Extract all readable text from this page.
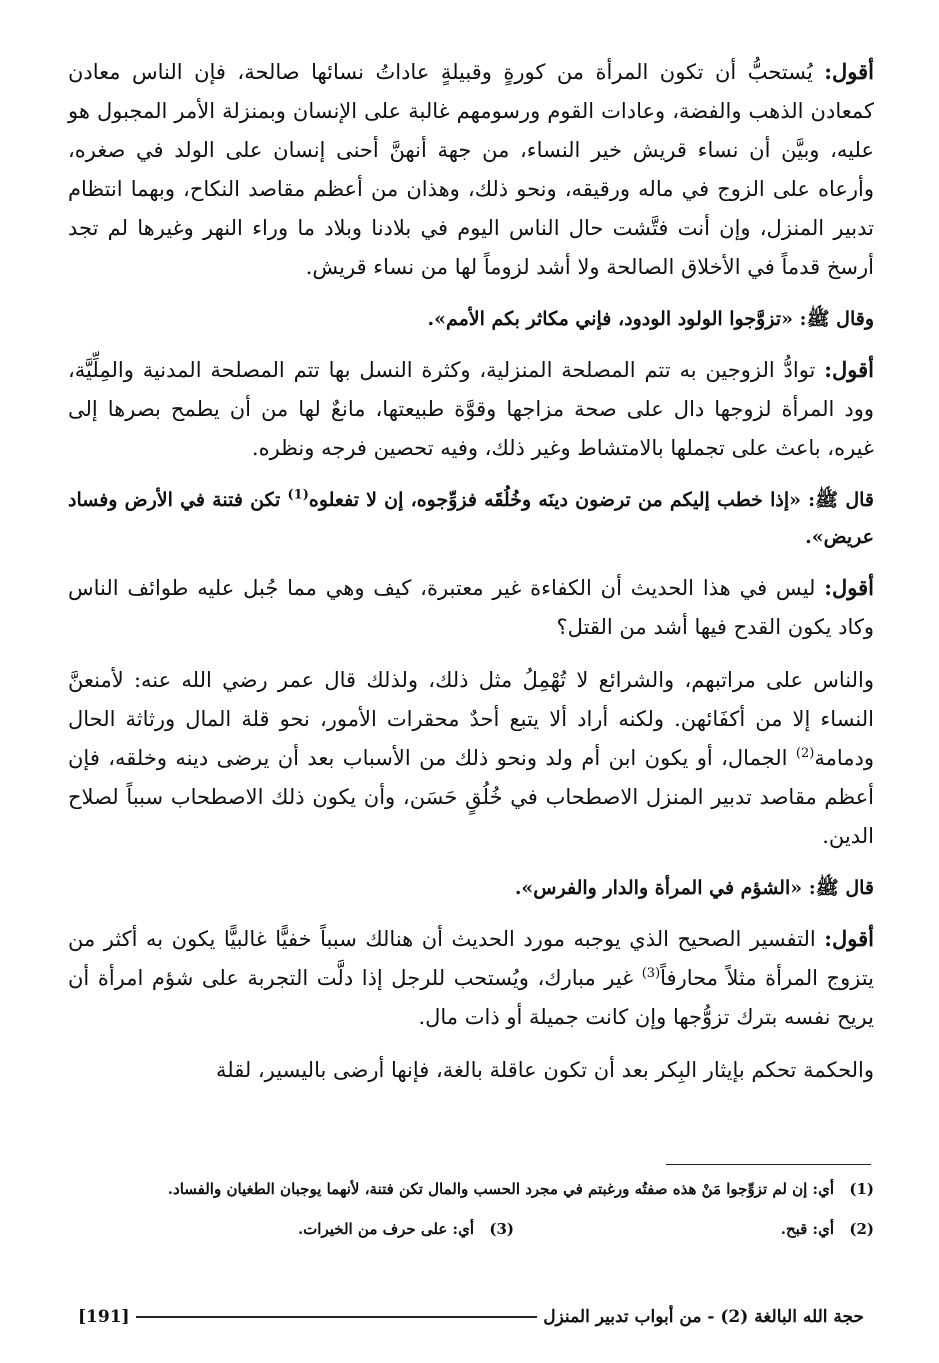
أقول: يُستحبُّ أن تكون المرأة من كورةٍ وقبيلةٍ عاداتُ نسائها صالحة، فإن الناس معادن كمعادن الذهب والفضة، وعادات القوم ورسومهم غالبة على الإنسان وبمنزلة الأمر المجبول هو عليه، وبيَّن أن نساء قريش خير النساء، من جهة أنهنَّ أحنى إنسان على الولد في صغره، وأرعاه على الزوج في ماله ورقيقه، ونحو ذلك، وهذان من أعظم مقاصد النكاح، وبهما انتظام تدبير المنزل، وإن أنت فتَّشت حال الناس اليوم في بلادنا وبلاد ما وراء النهر وغيرها لم تجد أرسخ قدماً في الأخلاق الصالحة ولا أشد لزوماً لها من نساء قريش.

وقال ﷺ: «تزوَّجوا الولود الودود، فإني مكاثر بكم الأمم».

أقول: توادُّ الزوجين به تتم المصلحة المنزلية، وكثرة النسل بها تتم المصلحة المدنية والمِلِّيَّة، وود المرأة لزوجها دال على صحة مزاجها وقوَّة طبيعتها، مانعٌ لها من أن يطمح بصرها إلى غيره، باعث على تجملها بالامتشاط وغير ذلك، وفيه تحصين فرجه ونظره.

قال ﷺ: «إذا خطب إليكم من ترضون دينَه وخُلُقَه فزوِّجوه، إن لا تفعلوه$^{(1)}$ تكن فتنة في الأرض وفساد عريض».

أقول: ليس في هذا الحديث أن الكفاءة غير معتبرة، كيف وهي مما جُبل عليه طوائف الناس وكاد يكون القدح فيها أشد من القتل؟

والناس على مراتبهم، والشرائع لا تُهْمِلُ مثل ذلك، ولذلك قال عمر رضي الله عنه: لأمنعنَّ النساء إلا من أكفَائهن. ولكنه أراد ألا يتبع أحدٌ محقرات الأمور، نحو قلة المال ورثاثة الحال ودمامة$^{(2)}$ الجمال، أو يكون ابن أم ولد ونحو ذلك من الأسباب بعد أن يرضى دينه وخلقه، فإن أعظم مقاصد تدبير المنزل الاصطحاب في خُلُقٍ حَسَن، وأن يكون ذلك الاصطحاب سبباً لصلاح الدين.

قال ﷺ: «الشؤم في المرأة والدار والفرس».

أقول: التفسير الصحيح الذي يوجبه مورد الحديث أن هنالك سبباً خفيًّا غالبيًّا يكون به أكثر من يتزوج المرأة مثلاً محارفاً$^{(3)}$ غير مبارك، ويُستحب للرجل إذا دلَّت التجربة على شؤم امرأة أن يريح نفسه بترك تزوُّجها وإن كانت جميلة أو ذات مال.

والحكمة تحكم بإيثار البِكر بعد أن تكون عاقلة بالغة، فإنها أرضى باليسير، لقلة

(1)
أي: إن لم تزوِّجوا مَنْ هذه صفتُه ورغبتم في مجرد الحسب والمال تكن فتنة، لأنهما يوجبان الطغيان والفساد.
(2)
أي: قبح.
(3)
أي: على حرف من الخيرات.
حجة الله البالغة (2) - من أبواب تدبير المنزل
[191]
